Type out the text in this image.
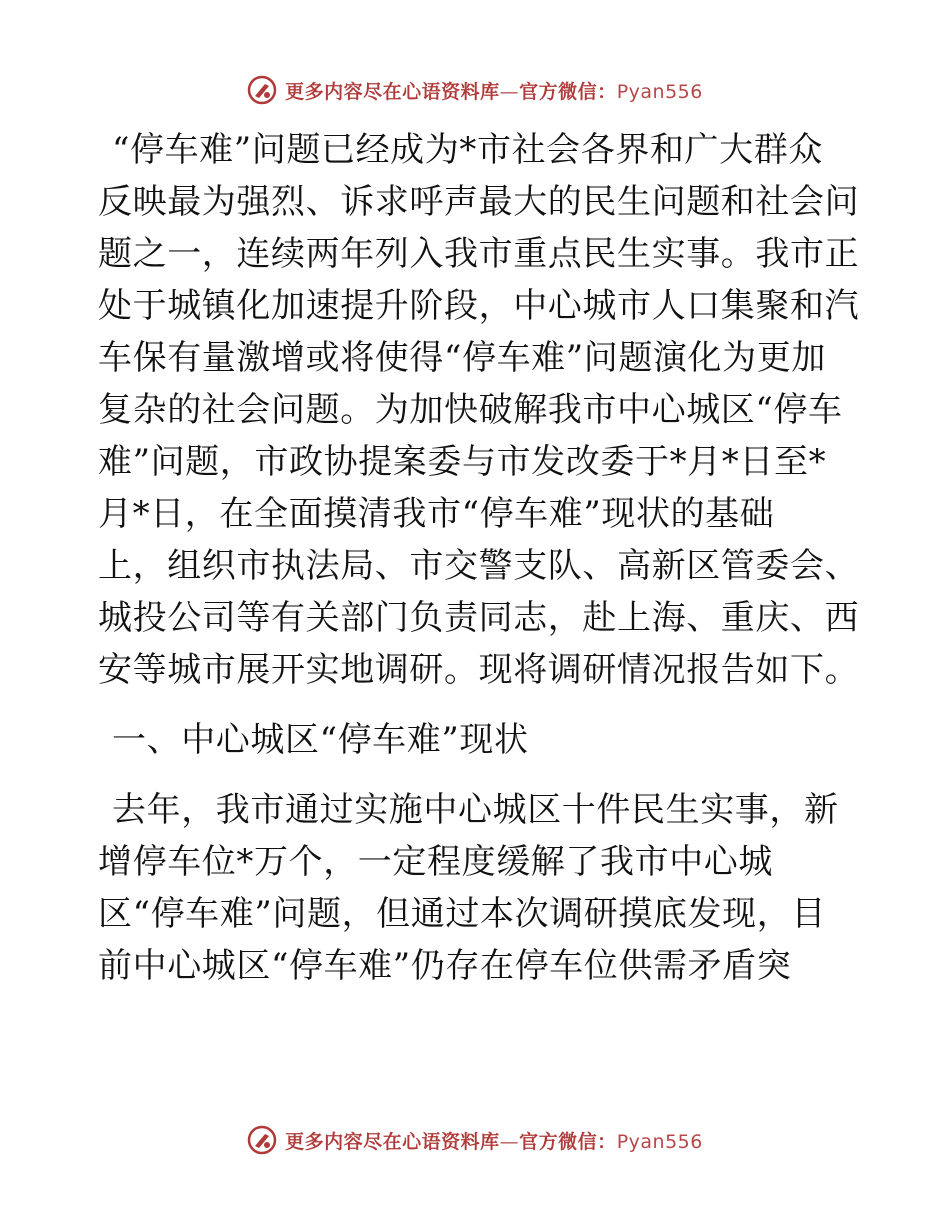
更多内容尽在心语资料库—官方微信：Pyan556
“停车难”问题已经成为*市社会各界和广大群众
反映最为强烈、诉求呼声最大的民生问题和社会问
题之一，连续两年列入我市重点民生实事。我市正
处于城镇化加速提升阶段，中心城市人口集聚和汽
车保有量激增或将使得“停车难”问题演化为更加
复杂的社会问题。为加快破解我市中心城区“停车
难”问题，市政协提案委与市发改委于*月*日至*
月*日，在全面摸清我市“停车难”现状的基础
上，组织市执法局、市交警支队、高新区管委会、
城投公司等有关部门负责同志，赴上海、重庆、西
安等城市展开实地调研。现将调研情况报告如下。
一、中心城区“停车难”现状
去年，我市通过实施中心城区十件民生实事，新
增停车位*万个，一定程度缓解了我市中心城
区“停车难”问题，但通过本次调研摸底发现，目
前中心城区“停车难”仍存在停车位供需矛盾突
更多内容尽在心语资料库—官方微信：Pyan556
